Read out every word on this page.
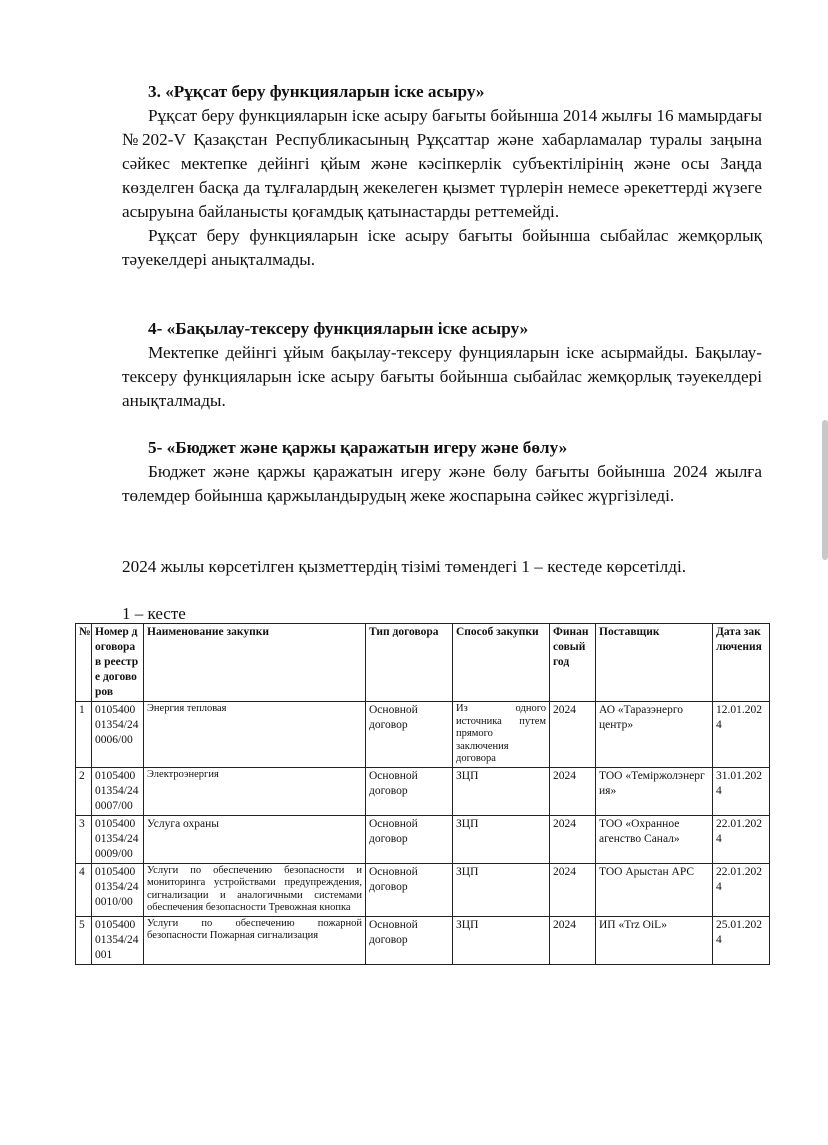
3. «Рұқсат беру функцияларын іске асыру»

Рұқсат беру функцияларын іске асыру бағыты бойынша 2014 жылғы 16 мамырдағы №202-V Қазақстан Республикасының Рұқсаттар және хабарламалар туралы заңына сәйкес мектепке дейінгі қйым және кәсіпкерлік субъектілірінің және осы Заңда көзделген басқа да тұлғалардың жекелеген қызмет түрлерін немесе әрекеттерді жүзеге асыруына байланысты қоғамдық қатынастарды реттемейді.

Рұқсат беру функцияларын іске асыру бағыты бойынша сыбайлас жемқорлық тәуекелдері анықталмады.

4- «Бақылау-тексеру функцияларын іске асыру»

Мектепке дейінгі ұйым бақылау-тексеру фунцияларын іске асырмайды. Бақылау-тексеру функцияларын іске асыру бағыты бойынша сыбайлас жемқорлық тәуекелдері анықталмады.

5- «Бюджет және қаржы қаражатын игеру және бөлу»

Бюджет және қаржы қаражатын игеру және бөлу бағыты бойынша 2024 жылға төлемдер бойынша қаржыландырудың жеке жоспарына сәйкес жүргізіледі.

2024 жылы көрсетілген қызметтердің тізімі төмендегі 1 – кестеде көрсетілді.

1 – кесте

№	Номер договора в реестре договоров	Наименование закупки	Тип договора	Способ закупки	Финансовый год	Поставщик	Дата заключения
1	010540001354/240006/00	Энергия тепловая	Основной договор	Из одного источника путем прямого заключения договора	2024	АО «Таразэнерго центр»	12.01.2024
2	010540001354/240007/00	Электроэнергия	Основной договор	ЗЦП	2024	ТОО «Теміржолэнергия»	31.01.2024
3	010540001354/240009/00	Услуга охраны	Основной договор	ЗЦП	2024	ТОО «Охранное агенство Санал»	22.01.2024
4	010540001354/240010/00	Услуги по обеспечению безопасности и мониторинга устройствами предупреждения, сигнализации и аналогичными системами обеспечения безопасности Тревожная кнопка	Основной договор	ЗЦП	2024	ТОО Арыстан АРС	22.01.2024
5	010540001354/24001	Услуги по обеспечению пожарной безопасности Пожарная сигнализация	Основной договор	ЗЦП	2024	ИП «Trz OiL»	25.01.2024
